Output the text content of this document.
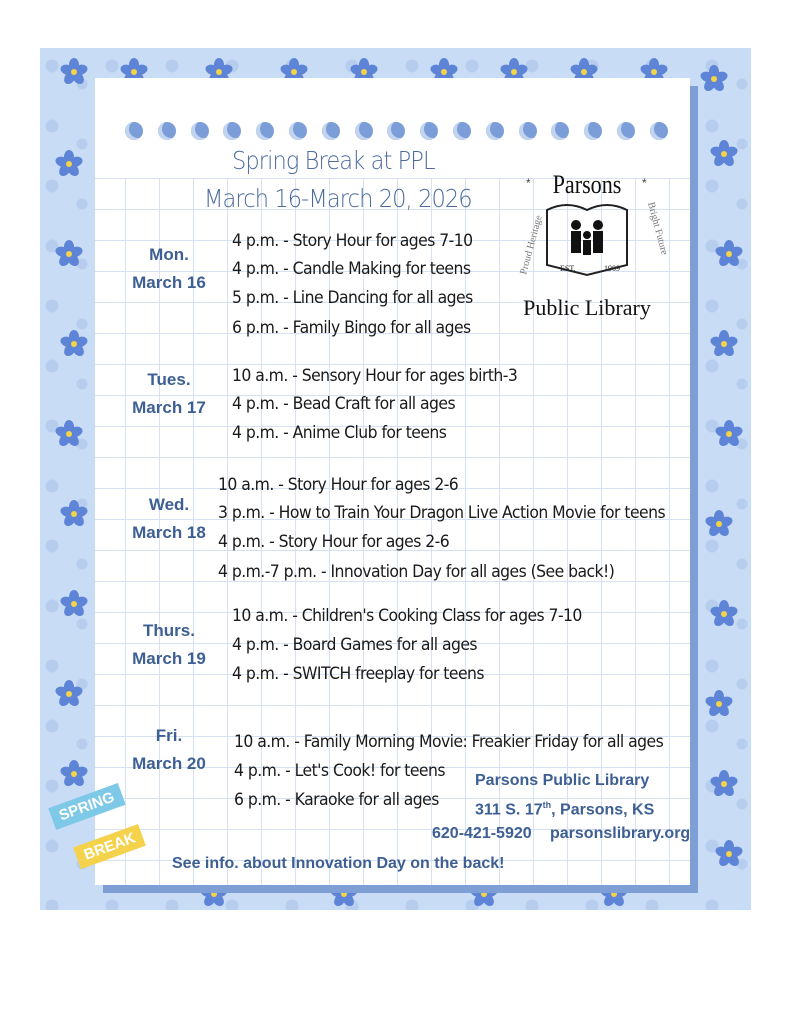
Spring Break at PPL
March 16-March 20, 2026	Parsons
*	*
Proud Heritage	Bright Future
EST.	1909
Public Library
Mon.
March 16
4 p.m. - Story Hour for ages 7-10
4 p.m. - Candle Making for teens
5 p.m. - Line Dancing for all ages
6 p.m. - Family Bingo for all ages
Tues.
March 17
10 a.m. - Sensory Hour for ages birth-3
4 p.m. - Bead Craft for all ages
4 p.m. - Anime Club for teens
Wed.
March 18
10 a.m. - Story Hour for ages 2-6
3 p.m. - How to Train Your Dragon Live Action Movie for teens
4 p.m. - Story Hour for ages 2-6
4 p.m.-7 p.m. - Innovation Day for all ages (See back!)
Thurs.
March 19
10 a.m. - Children's Cooking Class for ages 7-10
4 p.m. - Board Games for all ages
4 p.m. - SWITCH freeplay for teens
Fri.
March 20
10 a.m. - Family Morning Movie: Freakier Friday for all ages
4 p.m. - Let's Cook! for teens
6 p.m. - Karaoke for all ages
Parsons Public Library
311 S. 17th, Parsons, KS
620-421-5920 parsonslibrary.org
See info. about Innovation Day on the back!
SPRING
BREAK
